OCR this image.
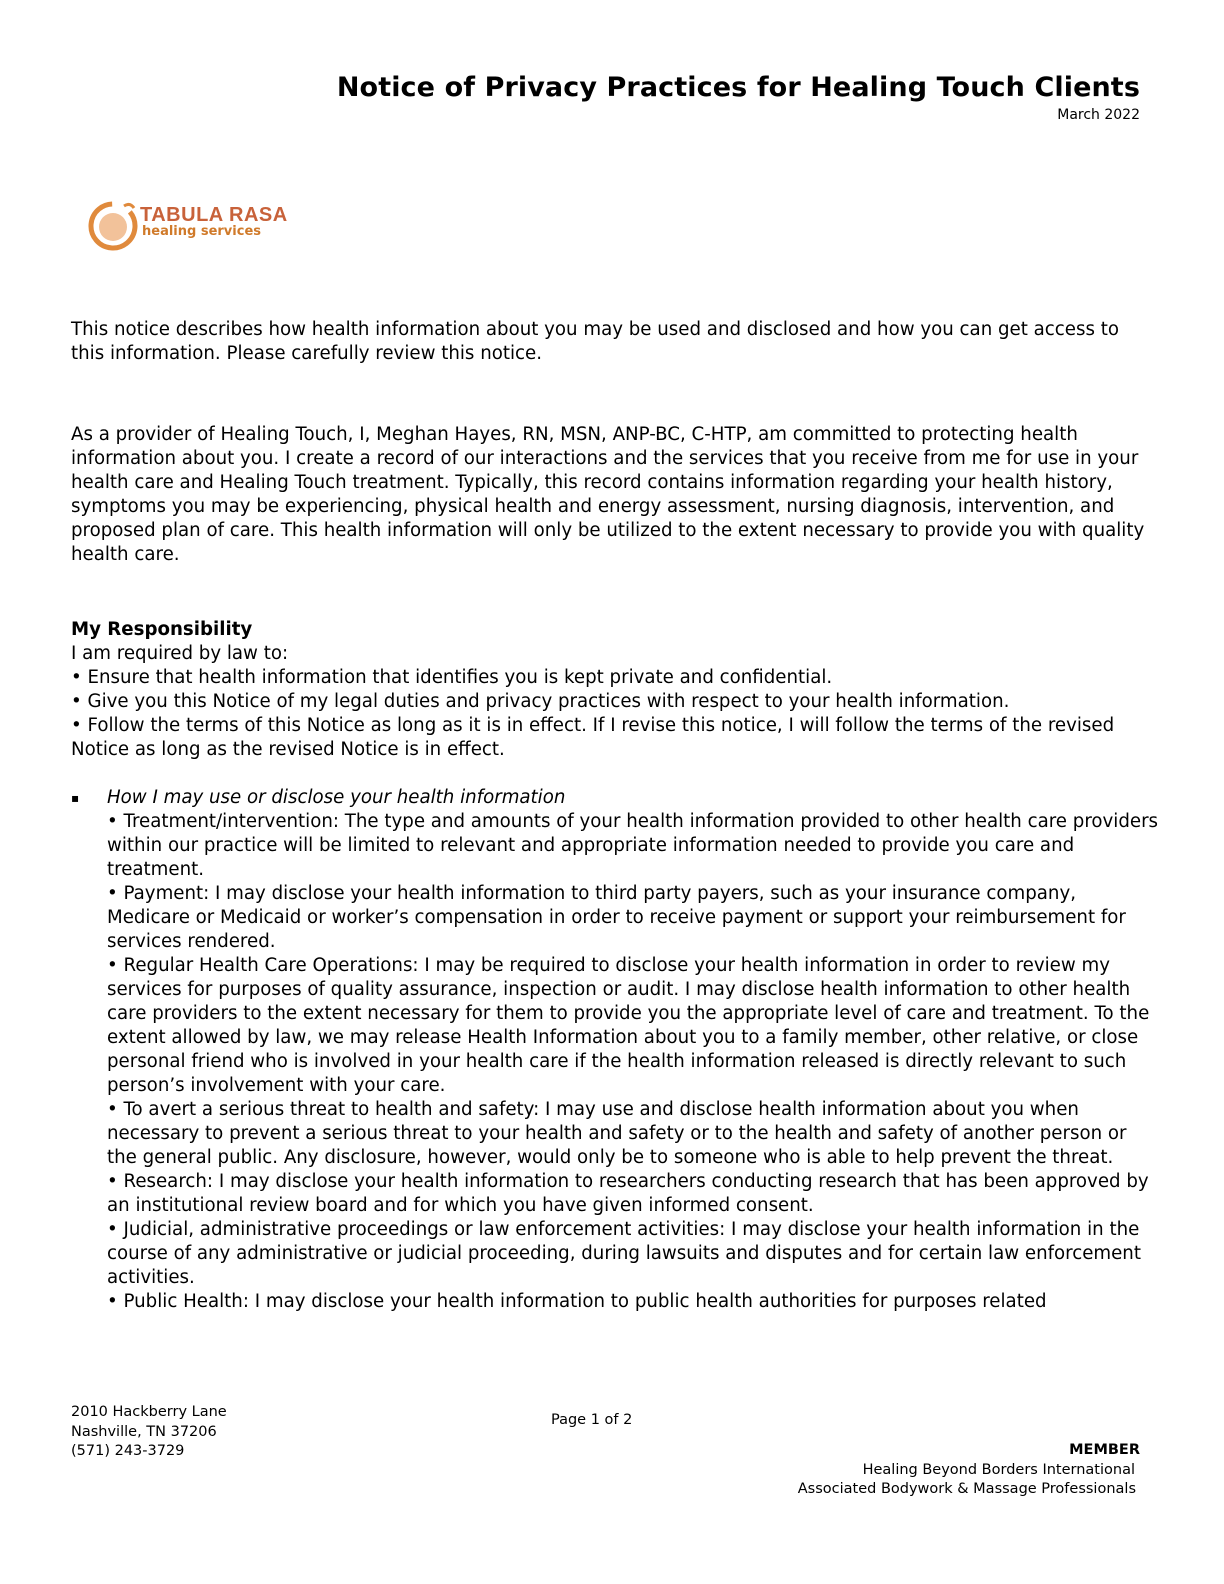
Notice of Privacy Practices for Healing Touch Clients
March 2022
TABULA RASA
healing services
This notice describes how health information about you may be used and disclosed and how you can get access to this information. Please carefully review this notice.
As a provider of Healing Touch, I, Meghan Hayes, RN, MSN, ANP-BC, C-HTP, am committed to protecting health information about you. I create a record of our interactions and the services that you receive from me for use in your health care and Healing Touch treatment. Typically, this record contains information regarding your health history, symptoms you may be experiencing, physical health and energy assessment, nursing diagnosis, intervention, and proposed plan of care. This health information will only be utilized to the extent necessary to provide you with quality health care.

My Responsibility

I am required by law to:

• Ensure that health information that identifies you is kept private and confidential.

• Give you this Notice of my legal duties and privacy practices with respect to your health information.

• Follow the terms of this Notice as long as it is in effect. If I revise this notice, I will follow the terms of the revised Notice as long as the revised Notice is in effect.

▪ How I may use or disclose your health information

• Treatment/intervention: The type and amounts of your health information provided to other health care providers within our practice will be limited to relevant and appropriate information needed to provide you care and treatment.

• Payment: I may disclose your health information to third party payers, such as your insurance company, Medicare or Medicaid or worker’s compensation in order to receive payment or support your reimbursement for services rendered.

• Regular Health Care Operations: I may be required to disclose your health information in order to review my services for purposes of quality assurance, inspection or audit. I may disclose health information to other health care providers to the extent necessary for them to provide you the appropriate level of care and treatment. To the extent allowed by law, we may release Health Information about you to a family member, other relative, or close personal friend who is involved in your health care if the health information released is directly relevant to such person’s involvement with your care.

• To avert a serious threat to health and safety: I may use and disclose health information about you when necessary to prevent a serious threat to your health and safety or to the health and safety of another person or the general public. Any disclosure, however, would only be to someone who is able to help prevent the threat.

• Research: I may disclose your health information to researchers conducting research that has been approved by an institutional review board and for which you have given informed consent.

• Judicial, administrative proceedings or law enforcement activities: I may disclose your health information in the course of any administrative or judicial proceeding, during lawsuits and disputes and for certain law enforcement activities.

• Public Health: I may disclose your health information to public health authorities for purposes related

2010 Hackberry Lane
Nashville, TN 37206
(571) 243-3729
Page 1 of 2
MEMBER
Healing Beyond Borders International
Associated Bodywork & Massage Professionals
